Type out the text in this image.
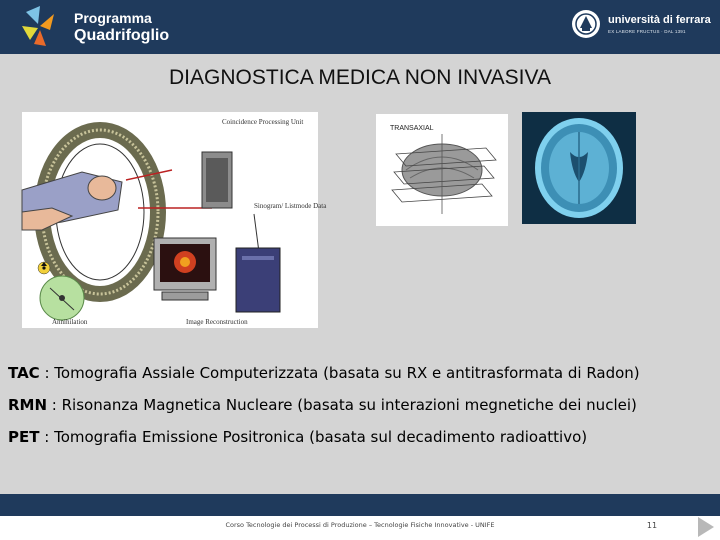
Programma
Quadrifoglio
università di ferrara
EX LABORE FRUCTUS · DAL 1391
DIAGNOSTICA MEDICA NON INVASIVA
Coincidence Processing Unit
Sinogram/ Listmode Data
Annihilation	Image Reconstruction
TRANSAXIAL
TAC : Tomografia Assiale Computerizzata (basata su RX e antitrasformata di Radon)
RMN : Risonanza Magnetica Nucleare (basata su interazioni megnetiche dei nuclei)
PET : Tomografia Emissione Positronica (basata sul decadimento radioattivo)
Corso Tecnologie dei Processi di Produzione – Tecnologie Fisiche Innovative - UNIFE	11
